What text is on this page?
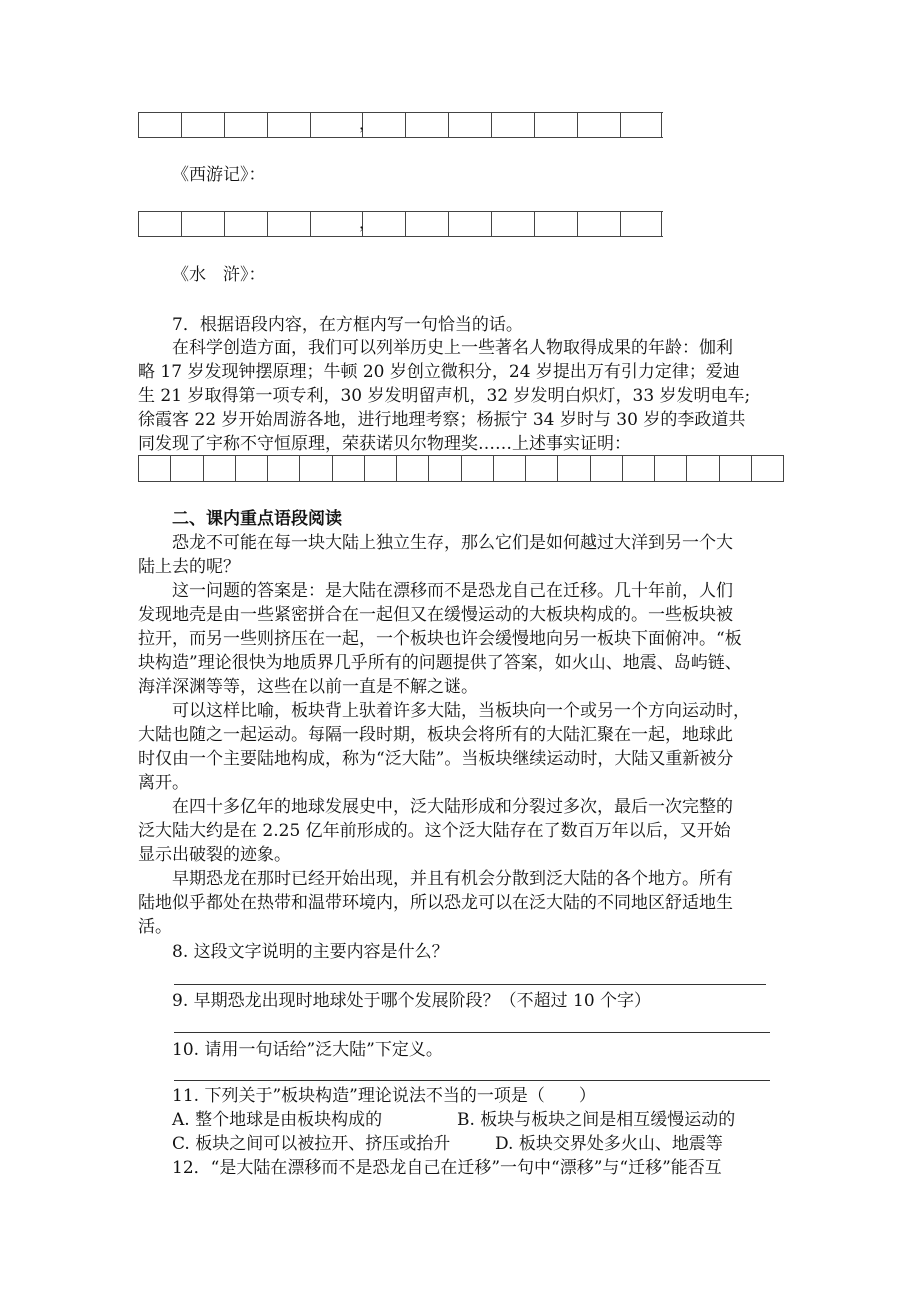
，
《西游记》：
，
《水　浒》：
7．根据语段内容，在方框内写一句恰当的话。
在科学创造方面，我们可以列举历史上一些著名人物取得成果的年龄：伽利
略 17 岁发现钟摆原理；牛顿 20 岁创立微积分，24 岁提出万有引力定律；爱迪
生 21 岁取得第一项专利，30 岁发明留声机，32 岁发明白炽灯，33 岁发明电车;
徐霞客 22 岁开始周游各地，进行地理考察；杨振宁 34 岁时与 30 岁的李政道共
同发现了宇称不守恒原理，荣获诺贝尔物理奖……上述事实证明：
二、课内重点语段阅读
恐龙不可能在每一块大陆上独立生存，那么它们是如何越过大洋到另一个大
陆上去的呢？
这一问题的答案是：是大陆在漂移而不是恐龙自己在迁移。几十年前，人们
发现地壳是由一些紧密拼合在一起但又在缓慢运动的大板块构成的。一些板块被
拉开，而另一些则挤压在一起，一个板块也许会缓慢地向另一板块下面俯冲。“板
块构造”理论很快为地质界几乎所有的问题提供了答案，如火山、地震、岛屿链、
海洋深渊等等，这些在以前一直是不解之谜。
可以这样比喻，板块背上驮着许多大陆，当板块向一个或另一个方向运动时，
大陆也随之一起运动。每隔一段时期，板块会将所有的大陆汇聚在一起，地球此
时仅由一个主要陆地构成，称为“泛大陆”。当板块继续运动时，大陆又重新被分
离开。
在四十多亿年的地球发展史中，泛大陆形成和分裂过多次，最后一次完整的
泛大陆大约是在 2.25 亿年前形成的。这个泛大陆存在了数百万年以后，又开始
显示出破裂的迹象。
早期恐龙在那时已经开始出现，并且有机会分散到泛大陆的各个地方。所有
陆地似乎都处在热带和温带环境内，所以恐龙可以在泛大陆的不同地区舒适地生
活。
8. 这段文字说明的主要内容是什么？
9. 早期恐龙出现时地球处于哪个发展阶段？（不超过 10 个字）
10. 请用一句话给”泛大陆”下定义。
11. 下列关于”板块构造”理论说法不当的一项是（　　）
A. 整个地球是由板块构成的	B. 板块与板块之间是相互缓慢运动的
C. 板块之间可以被拉开、挤压或抬升	D. 板块交界处多火山、地震等
12．“是大陆在漂移而不是恐龙自己在迁移”一句中“漂移”与“迁移”能否互
